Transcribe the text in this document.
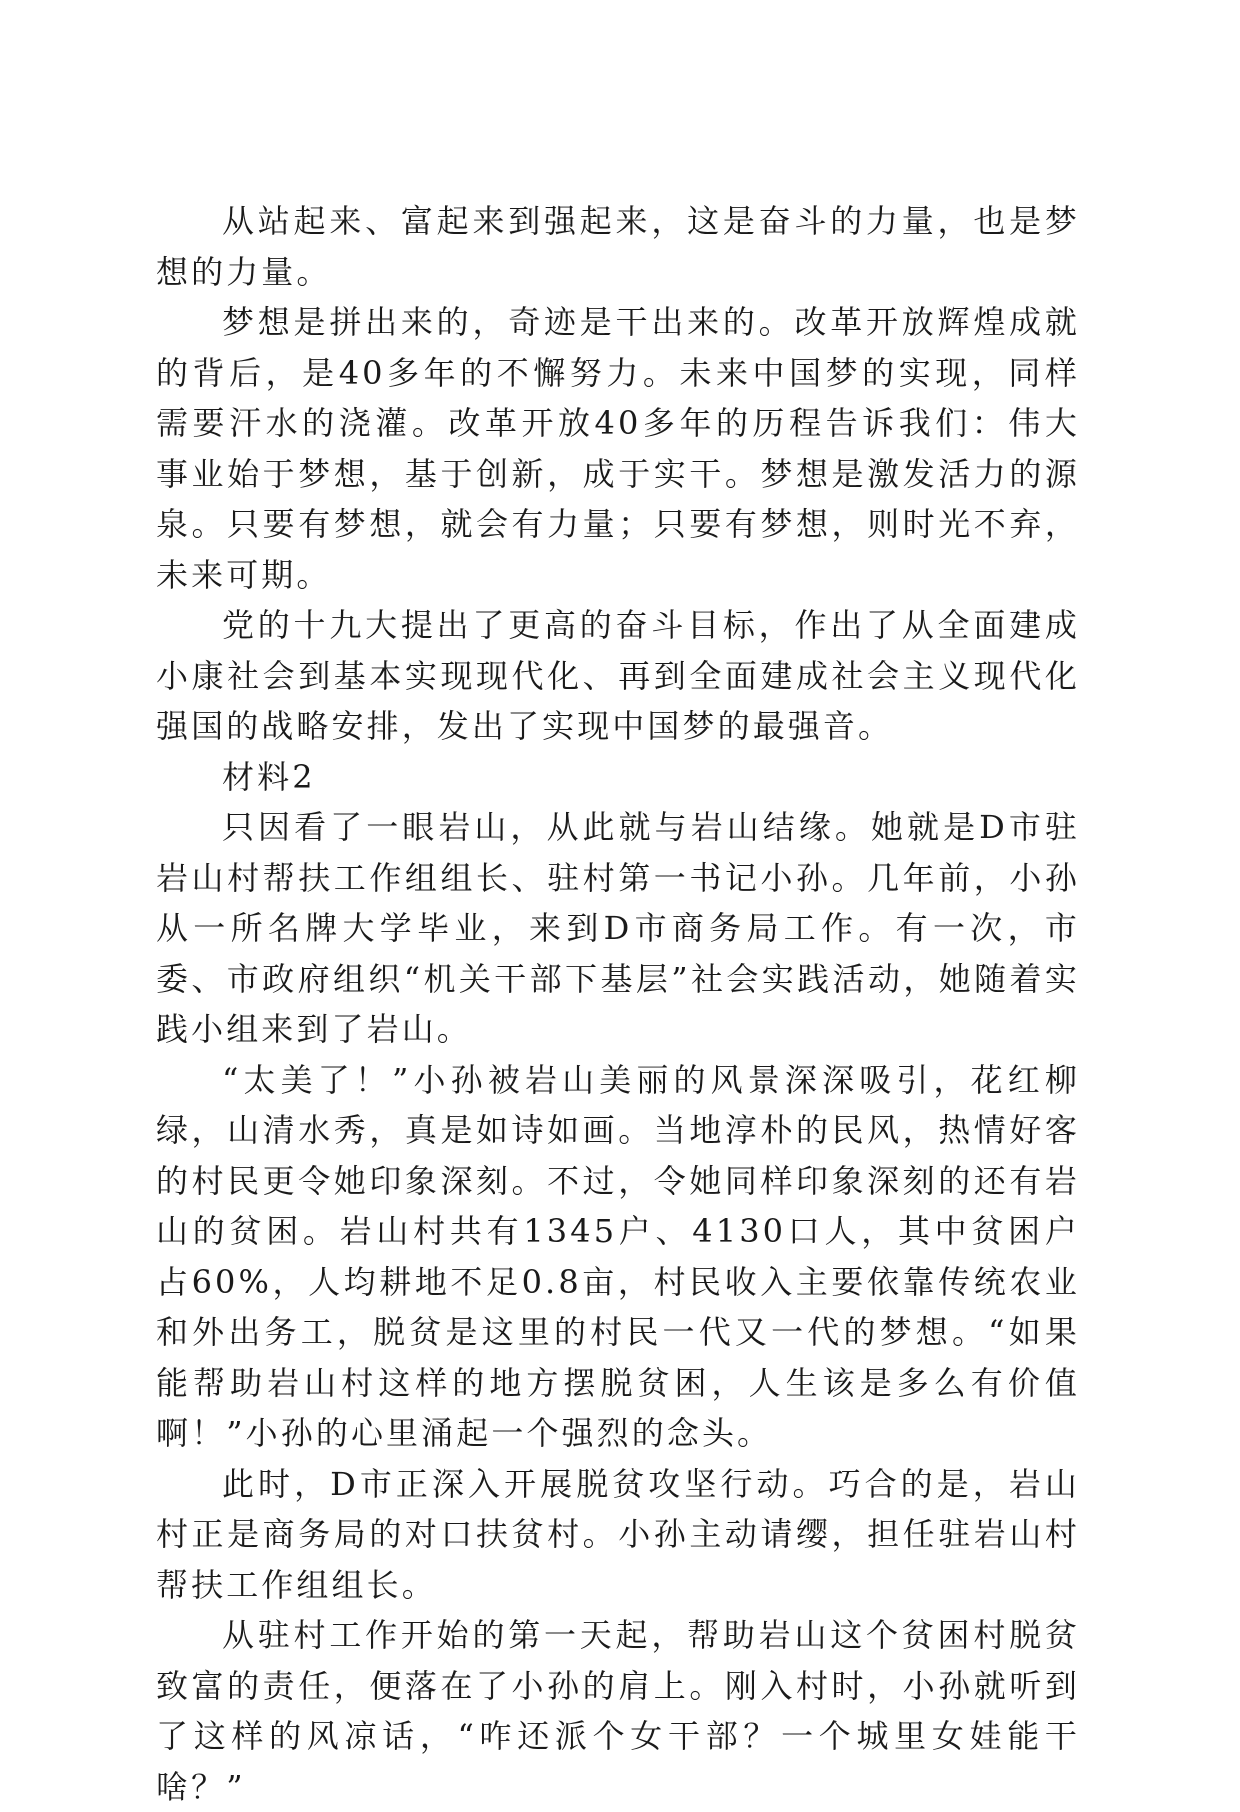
从站起来、富起来到强起来，这是奋斗的力量，也是梦想的力量。

梦想是拼出来的，奇迹是干出来的。改革开放辉煌成就的背后，是40多年的不懈努力。未来中国梦的实现，同样需要汗水的浇灌。改革开放40多年的历程告诉我们：伟大事业始于梦想，基于创新，成于实干。梦想是激发活力的源泉。只要有梦想，就会有力量；只要有梦想，则时光不弃，未来可期。

党的十九大提出了更高的奋斗目标，作出了从全面建成小康社会到基本实现现代化、再到全面建成社会主义现代化强国的战略安排，发出了实现中国梦的最强音。

材料2

只因看了一眼岩山，从此就与岩山结缘。她就是D市驻岩山村帮扶工作组组长、驻村第一书记小孙。几年前，小孙从一所名牌大学毕业，来到D市商务局工作。有一次，市委、市政府组织“机关干部下基层”社会实践活动，她随着实践小组来到了岩山。

“太美了！”小孙被岩山美丽的风景深深吸引，花红柳绿，山清水秀，真是如诗如画。当地淳朴的民风，热情好客的村民更令她印象深刻。不过，令她同样印象深刻的还有岩山的贫困。岩山村共有1345户、4130口人，其中贫困户占60%，人均耕地不足0.8亩，村民收入主要依靠传统农业和外出务工，脱贫是这里的村民一代又一代的梦想。“如果能帮助岩山村这样的地方摆脱贫困，人生该是多么有价值啊！”小孙的心里涌起一个强烈的念头。

此时，D市正深入开展脱贫攻坚行动。巧合的是，岩山村正是商务局的对口扶贫村。小孙主动请缨，担任驻岩山村帮扶工作组组长。

从驻村工作开始的第一天起，帮助岩山这个贫困村脱贫致富的责任，便落在了小孙的肩上。刚入村时，小孙就听到了这样的风凉话，“咋还派个女干部？一个城里女娃能干啥？”
